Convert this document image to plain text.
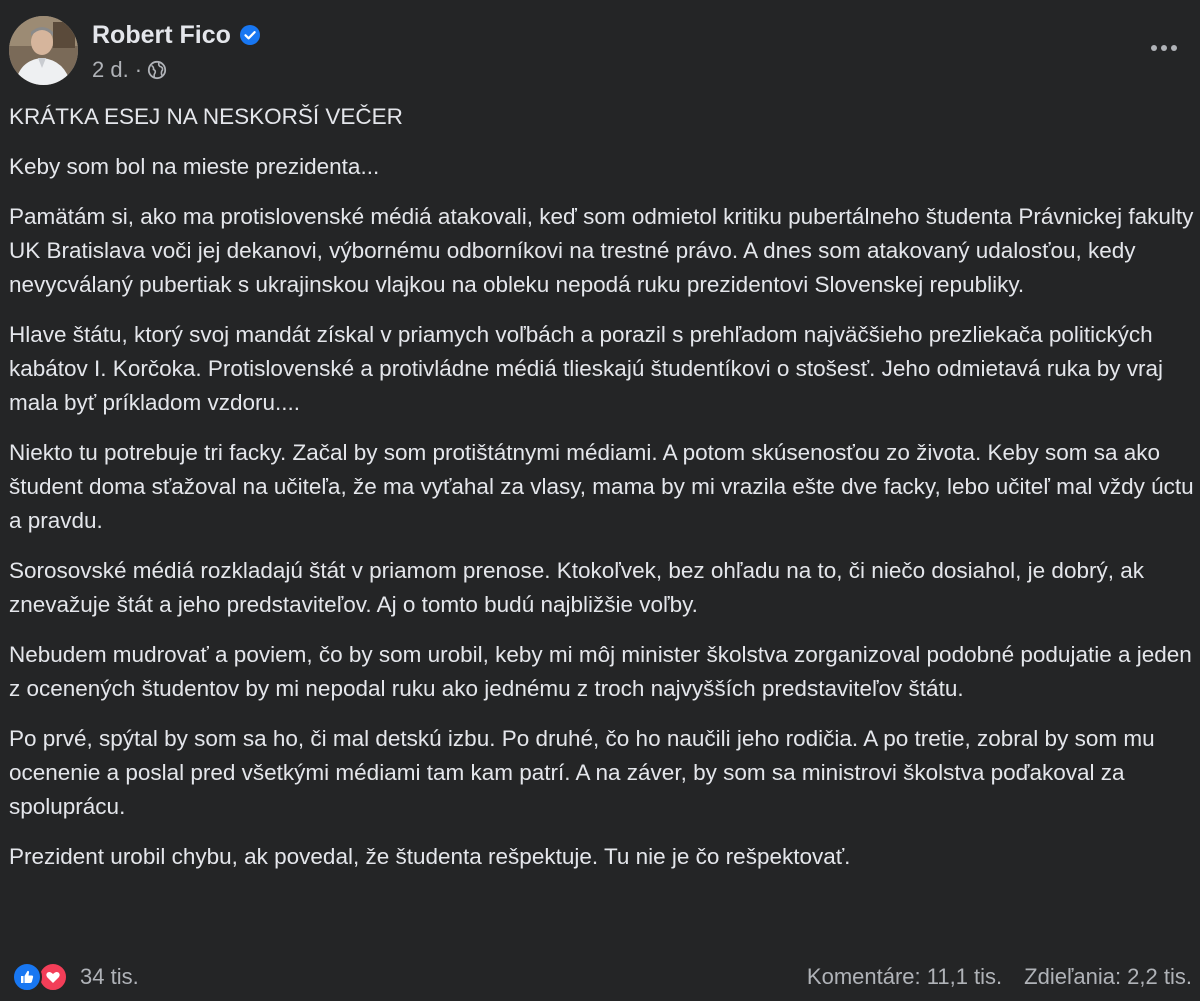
Robert Fico
2 d. ·

KRÁTKA ESEJ NA NESKORŠÍ VEČER

Keby som bol na mieste prezidenta...

Pamätám si, ako ma protislovenské médiá atakovali, keď som odmietol kritiku pubertálneho študenta Právnickej fakulty UK Bratislava voči jej dekanovi, výbornému odborníkovi na trestné právo. A dnes som atakovaný udalosťou, kedy nevycválaný pubertiak s ukrajinskou vlajkou na obleku nepodá ruku prezidentovi Slovenskej republiky.

Hlave štátu, ktorý svoj mandát získal v priamych voľbách a porazil s prehľadom najväčšieho prezliekača politických kabátov I. Korčoka. Protislovenské a protivládne médiá tlieskajú študentíkovi o stošesť. Jeho odmietavá ruka by vraj mala byť príkladom vzdoru....

Niekto tu potrebuje tri facky. Začal by som protištátnymi médiami. A potom skúsenosťou zo života. Keby som sa ako študent doma sťažoval na učiteľa, že ma vyťahal za vlasy, mama by mi vrazila ešte dve facky, lebo učiteľ mal vždy úctu a pravdu.

Sorosovské médiá rozkladajú štát v priamom prenose. Ktokoľvek, bez ohľadu na to, či niečo dosiahol, je dobrý, ak znevažuje štát a jeho predstaviteľov. Aj o tomto budú najbližšie voľby.

Nebudem mudrovať a poviem, čo by som urobil, keby mi môj minister školstva zorganizoval podobné podujatie a jeden z ocenených študentov by mi nepodal ruku ako jednému z troch najvyšších predstaviteľov štátu.

Po prvé, spýtal by som sa ho, či mal detskú izbu. Po druhé, čo ho naučili jeho rodičia. A po tretie, zobral by som mu ocenenie a poslal pred všetkými médiami tam kam patrí. A na záver, by som sa ministrovi školstva poďakoval za spoluprácu.

Prezident urobil chybu, ak povedal, že študenta rešpektuje. Tu nie je čo rešpektovať.

34 tis.	Komentáre: 11,1 tis. Zdieľania: 2,2 tis.
